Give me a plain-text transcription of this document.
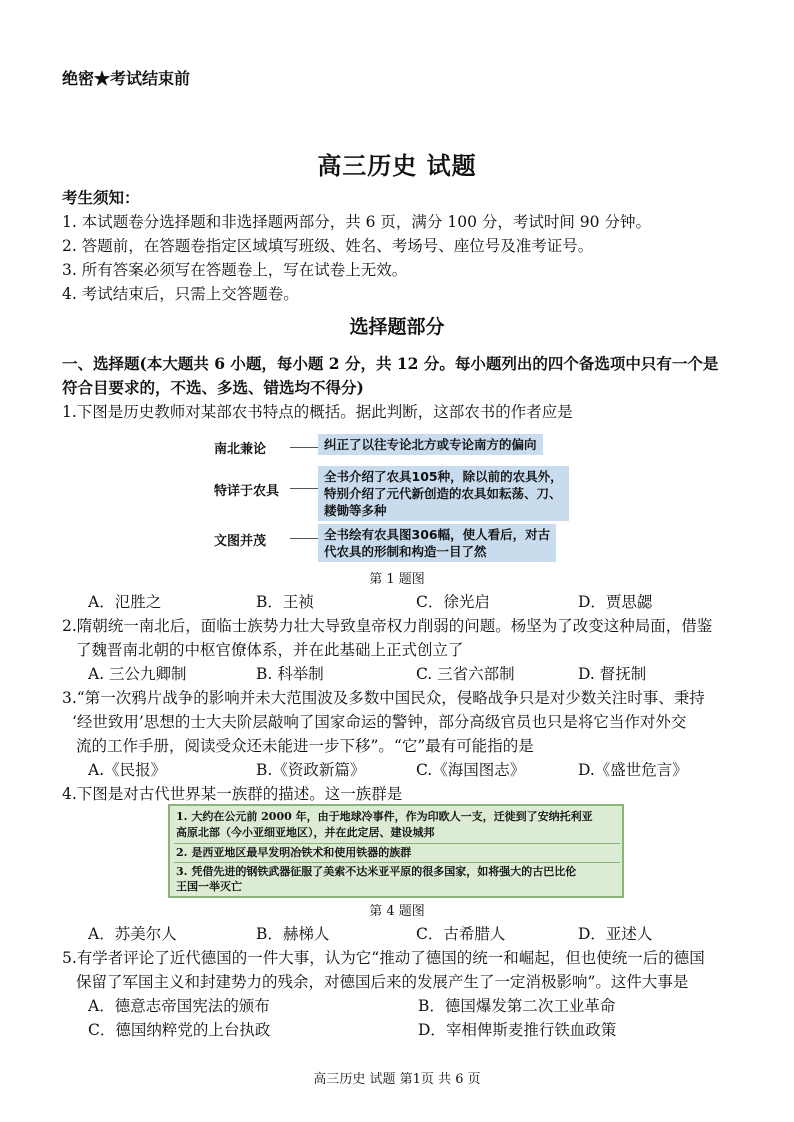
绝密★考试结束前
高三历史 试题
考生须知：
1. 本试题卷分选择题和非选择题两部分，共 6 页，满分 100 分，考试时间 90 分钟。
2. 答题前，在答题卷指定区域填写班级、姓名、考场号、座位号及准考证号。
3. 所有答案必须写在答题卷上，写在试卷上无效。
4. 考试结束后，只需上交答题卷。
选择题部分
一、选择题(本大题共 6 小题，每小题 2 分，共 12 分。每小题列出的四个备选项中只有一个是
符合目要求的，不选、多选、错选均不得分)
1.下图是历史教师对某部农书特点的概括。据此判断，这部农书的作者应是
南北兼论	纠正了以往专论北方或专论南方的偏向
特详于农具
全书介绍了农具105种，除以前的农具外，
特别介绍了元代新创造的农具如耘荡、刀、
耧锄等多种
文图并茂	全书绘有农具图306幅，使人看后，对古
代农具的形制和构造一目了然
第 1 题图
A．氾胜之	B．王祯	C．徐光启	D．贾思勰
2.隋朝统一南北后，面临士族势力壮大导致皇帝权力削弱的问题。杨坚为了改变这种局面，借鉴
了魏晋南北朝的中枢官僚体系，并在此基础上正式创立了
A. 三公九卿制	B. 科举制	C. 三省六部制	D. 督抚制
3.“第一次鸦片战争的影响并未大范围波及多数中国民众，侵略战争只是对少数关注时事、秉持
‘经世致用’思想的士大夫阶层敲响了国家命运的警钟，部分高级官员也只是将它当作对外交
流的工作手册，阅读受众还未能进一步下移”。“它”最有可能指的是
A.《民报》	B.《资政新篇》	C.《海国图志》	D.《盛世危言》
4.下图是对古代世界某一族群的描述。这一族群是
1. 大约在公元前 2000 年，由于地球冷事件，作为印欧人一支，迁徙到了安纳托利亚
高原北部（今小亚细亚地区），并在此定居、建设城邦
2. 是西亚地区最早发明冶铁术和使用铁器的族群
3. 凭借先进的钢铁武器征服了美索不达米亚平原的很多国家，如将强大的古巴比伦
王国一举灭亡
第 4 题图
A．苏美尔人	B．赫梯人	C．古希腊人	D．亚述人
5.有学者评论了近代德国的一件大事，认为它“推动了德国的统一和崛起，但也使统一后的德国
保留了军国主义和封建势力的残余，对德国后来的发展产生了一定消极影响”。这件大事是
A．德意志帝国宪法的颁布	B．德国爆发第二次工业革命
C．德国纳粹党的上台执政	D．宰相俾斯麦推行铁血政策
高三历史 试题 第1页 共 6 页
